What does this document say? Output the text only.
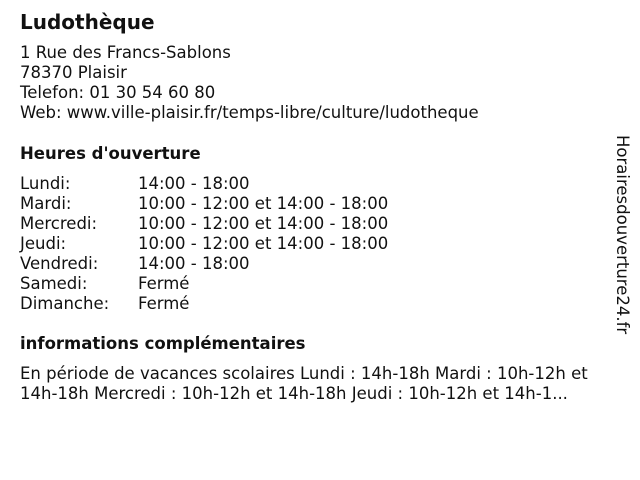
Ludothèque
1 Rue des Francs-Sablons
78370 Plaisir
Telefon: 01 30 54 60 80
Web: www.ville-plaisir.fr/temps-libre/culture/ludotheque
Heures d'ouverture
Lundi:	14:00 - 18:00
Mardi:	10:00 - 12:00 et 14:00 - 18:00
Mercredi: 10:00 - 12:00 et 14:00 - 18:00
Jeudi:	10:00 - 12:00 et 14:00 - 18:00
Vendredi: 14:00 - 18:00
Samedi:	Fermé
Dimanche: Fermé
informations complémentaires
En période de vacances scolaires Lundi : 14h-18h Mardi : 10h-12h et
14h-18h Mercredi : 10h-12h et 14h-18h Jeudi : 10h-12h et 14h-1...
Horairesdouverture24.fr
